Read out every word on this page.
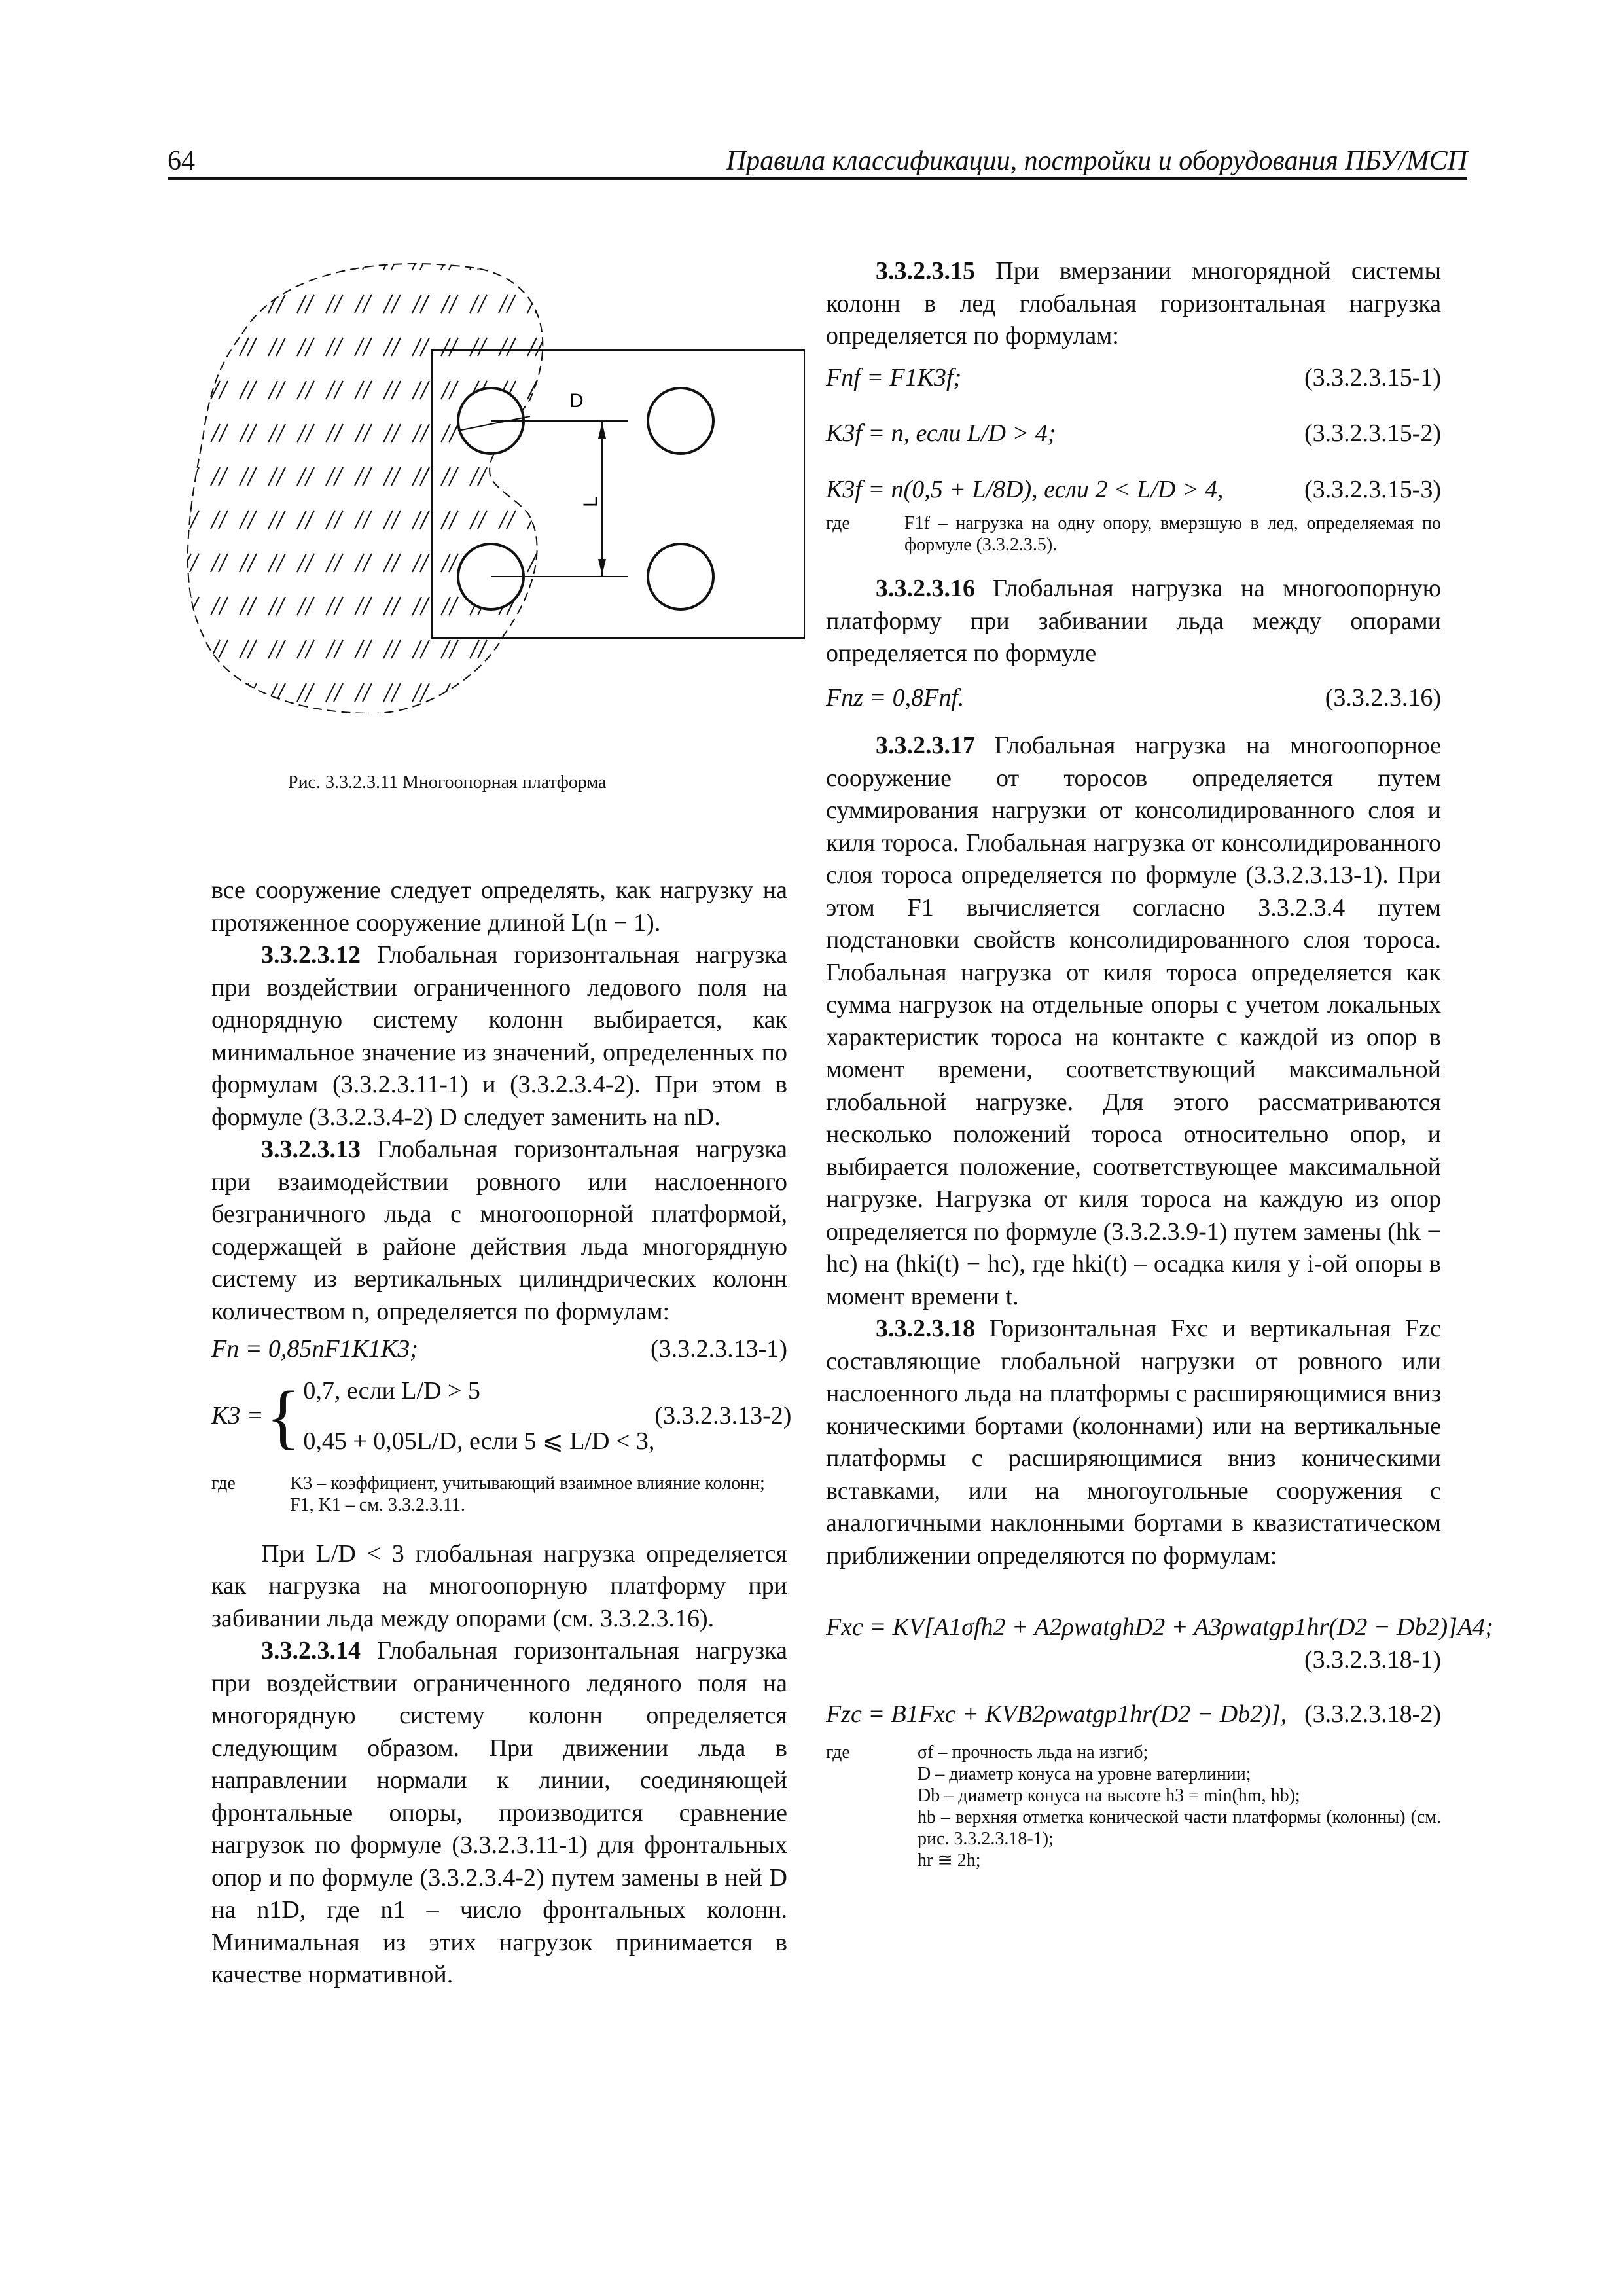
64	Правила классификации, постройки и оборудования ПБУ/МСП
D
L
Рис. 3.3.2.3.11 Многоопорная платформа

все сооружение следует определять, как нагрузку на протяженное сооружение длиной L(n − 1).

3.3.2.3.12 Глобальная горизонтальная нагрузка при воздействии ограниченного ледового поля на однорядную систему колонн выбирается, как минимальное значение из значений, определенных по формулам (3.3.2.3.11-1) и (3.3.2.3.4-2). При этом в формуле (3.3.2.3.4-2) D следует заменить на nD.

3.3.2.3.13 Глобальная горизонтальная нагрузка при взаимодействии ровного или наслоенного безграничного льда с многоопорной платформой, содержащей в районе действия льда многорядную систему из вертикальных цилиндрических колонн количеством n, определяется по формулам:

Fn = 0,85nF1K1K3;	(3.3.2.3.13-1)
K3 = { 0,7, если L/D > 5
0,45 + 0,05L/D, если 5 ⩽ L/D < 3,
(3.3.2.3.13-2)
где	K3 – коэффициент, учитывающий взаимное влияние колонн;
F1, K1 – см. 3.3.2.3.11.

При L/D < 3 глобальная нагрузка определяется как нагрузка на многоопорную платформу при забивании льда между опорами (см. 3.3.2.3.16).

3.3.2.3.14 Глобальная горизонтальная нагрузка при воздействии ограниченного ледяного поля на многорядную систему колонн определяется следующим образом. При движении льда в направлении нормали к линии, соединяющей фронтальные опоры, производится сравнение нагрузок по формуле (3.3.2.3.11-1) для фронтальных опор и по формуле (3.3.2.3.4-2) путем замены в ней D на n1D, где n1 – число фронтальных колонн. Минимальная из этих нагрузок принимается в качестве нормативной.

3.3.2.3.15 При вмерзании многорядной системы колонн в лед глобальная горизонтальная нагрузка определяется по формулам:

Fnf = F1K3f;	(3.3.2.3.15-1)
K3f = n, если L/D > 4;	(3.3.2.3.15-2)
K3f = n(0,5 + L/8D), если 2 < L/D > 4,	(3.3.2.3.15-3)
где	F1f – нагрузка на одну опору, вмерзшую в лед, определяемая по формуле (3.3.2.3.5).

3.3.2.3.16 Глобальная нагрузка на многоопорную платформу при забивании льда между опорами определяется по формуле

Fnz = 0,8Fnf.	(3.3.2.3.16)

3.3.2.3.17 Глобальная нагрузка на многоопорное сооружение от торосов определяется путем суммирования нагрузки от консолидированного слоя и киля тороса. Глобальная нагрузка от консолидированного слоя тороса определяется по формуле (3.3.2.3.13-1). При этом F1 вычисляется согласно 3.3.2.3.4 путем подстановки свойств консолидированного слоя тороса. Глобальная нагрузка от киля тороса определяется как сумма нагрузок на отдельные опоры с учетом локальных характеристик тороса на контакте с каждой из опор в момент времени, соответствующий максимальной глобальной нагрузке. Для этого рассматриваются несколько положений тороса относительно опор, и выбирается положение, соответствующее максимальной нагрузке. Нагрузка от киля тороса на каждую из опор определяется по формуле (3.3.2.3.9-1) путем замены (hk − hc) на (hki(t) − hc), где hki(t) – осадка киля у i-ой опоры в момент времени t.

3.3.2.3.18 Горизонтальная Fxc и вертикальная Fzc составляющие глобальной нагрузки от ровного или наслоенного льда на платформы с расширяющимися вниз коническими бортами (колоннами) или на вертикальные платформы с расширяющимися вниз коническими вставками, или на многоугольные сооружения с аналогичными наклонными бортами в квазистатическом приближении определяются по формулам:

Fxc = KV[A1σfh2 + A2ρwatghD2 + A3ρwatgp1hr(D2 − Db2)]A4;
(3.3.2.3.18-1)
Fzc = B1Fxc + KVB2ρwatgp1hr(D2 − Db2)], (3.3.2.3.18-2)
где	σf – прочность льда на изгиб;
D – диаметр конуса на уровне ватерлинии;
Db – диаметр конуса на высоте h3 = min(hm, hb);
hb – верхняя отметка конической части платформы (колонны) (см. рис. 3.3.2.3.18-1);
hr ≅ 2h;
